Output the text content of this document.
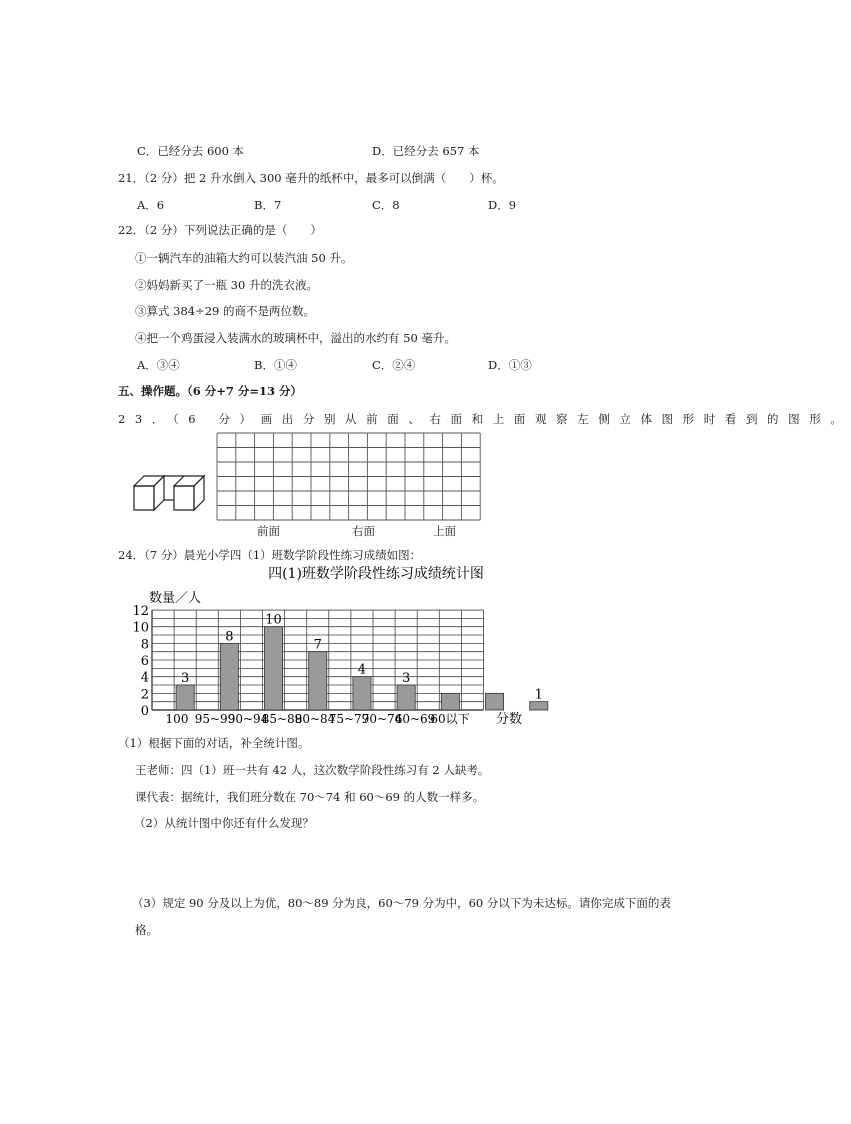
C．已经分去 600 本	D．已经分去 657 本
21．（2 分）把 2 升水倒入 300 毫升的纸杯中，最多可以倒满（　　）杯。
A．6	B．7	C．8	D．9
22．（2 分）下列说法正确的是（　　）
①一辆汽车的油箱大约可以装汽油 50 升。
②妈妈新买了一瓶 30 升的洗衣液。
③算式 384÷29 的商不是两位数。
④把一个鸡蛋浸入装满水的玻璃杯中，溢出的水约有 50 毫升。
A．③④	B．①④	C．②④	D．①③
五、操作题。（6 分+7 分=13 分）
23．（6 分）画出分别从前面、右面和上面观察左侧立体图形时看到的图形。
前面	右面	上面
24．（7 分）晨光小学四（1）班数学阶段性练习成绩如图：
四(1)班数学阶段性练习成绩统计图
数量／人
分数
3
8
10
7
4
3
1
0
2
4
6
8
10
12
100 95~99
90~94
85~89
80~84
75~79
70~74
60~69
60以下
（1）根据下面的对话，补全统计图。
王老师：四（1）班一共有 42 人，这次数学阶段性练习有 2 人缺考。
课代表：据统计，我们班分数在 70～74 和 60～69 的人数一样多。
（2）从统计图中你还有什么发现？
（3）规定 90 分及以上为优，80～89 分为良，60～79 分为中，60 分以下为未达标。请你完成下面的表
格。
